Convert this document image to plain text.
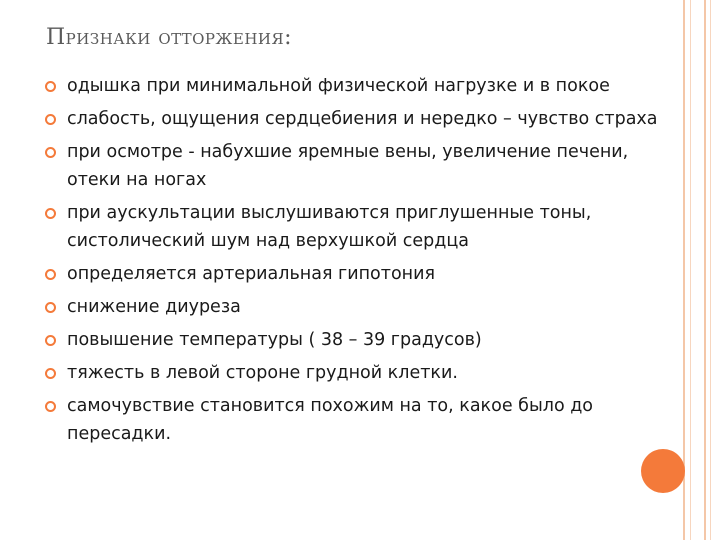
Признаки отторжения:
одышка при минимальной физической нагрузке и в покое
слабость, ощущения сердцебиения и нередко – чувство страха
при осмотре - набухшие яремные вены, увеличение печени, отеки на ногах
при аускультации выслушиваются приглушенные тоны, систолический шум над верхушкой сердца
определяется артериальная гипотония
снижение диуреза
повышение температуры ( 38 – 39 градусов)
тяжесть в левой стороне грудной клетки.
самочувствие становится похожим на то, какое было до пересадки.
